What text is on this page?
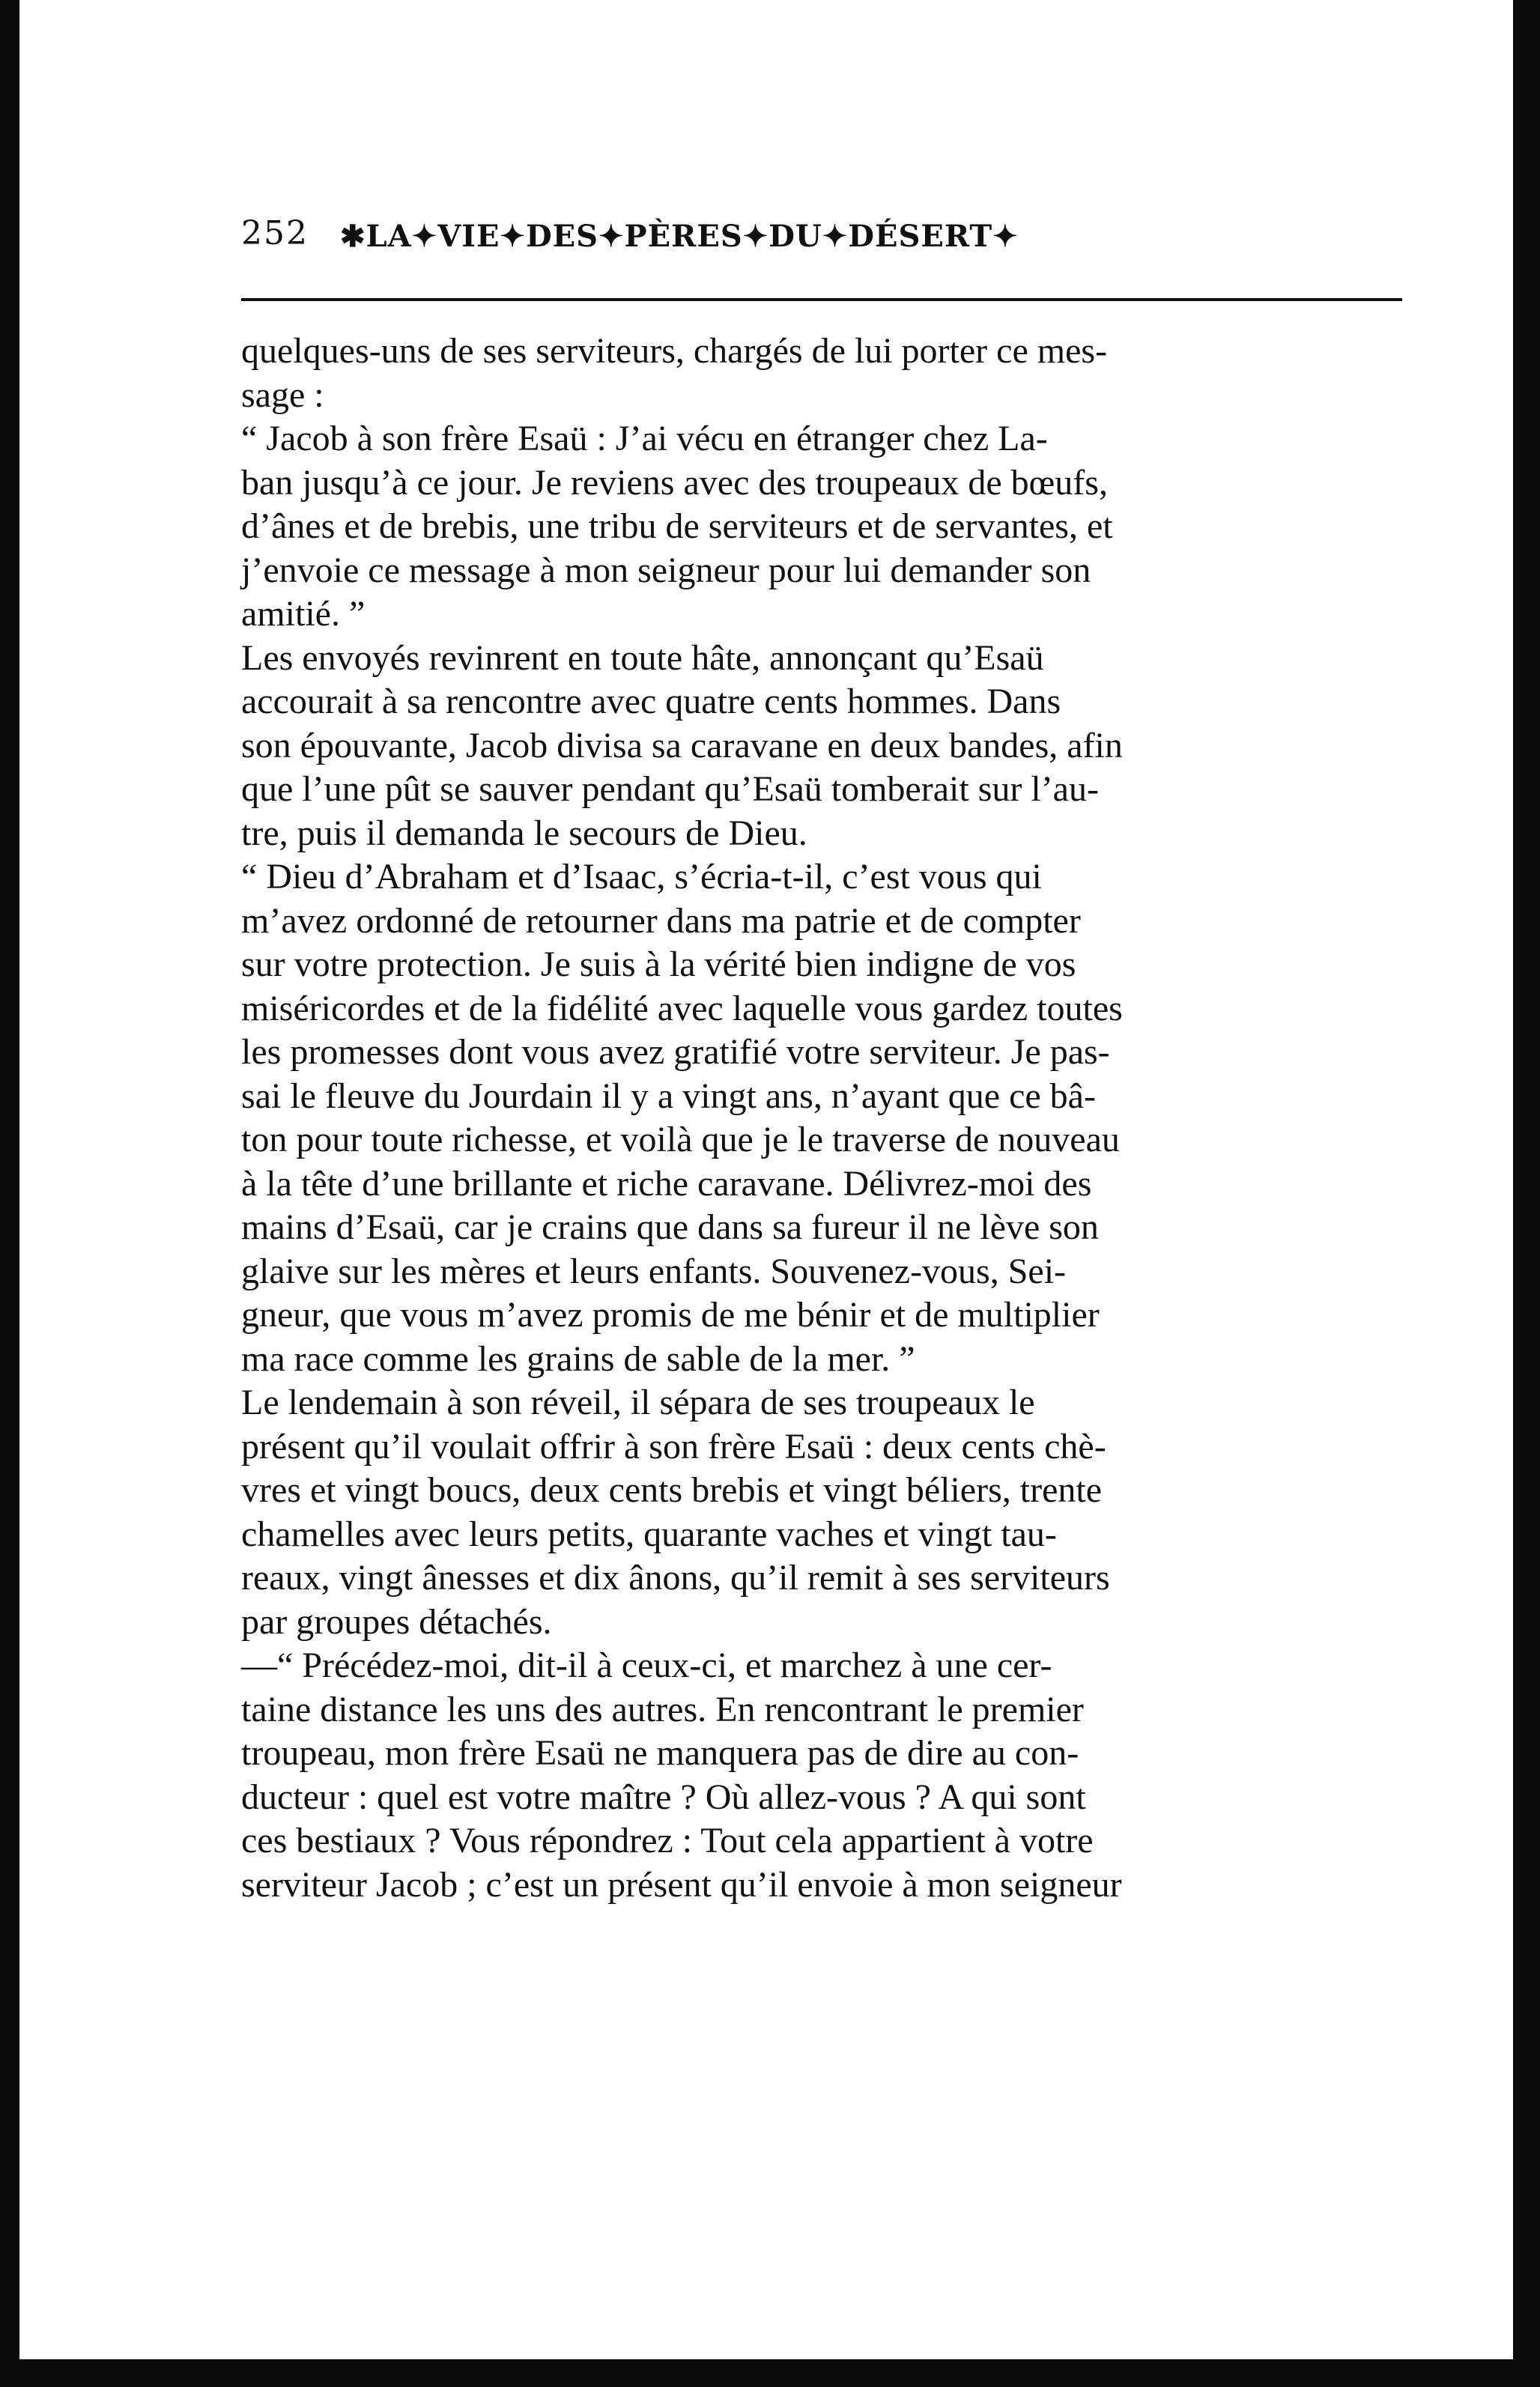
252 ✱LA✦VIE✦DES✦PÈRES✦DU✦DÉSERT✦
quelques-uns de ses serviteurs, chargés de lui porter ce mes-
sage :
“ Jacob à son frère Esaü : J’ai vécu en étranger chez La-
ban jusqu’à ce jour. Je reviens avec des troupeaux de bœufs,
d’ânes et de brebis, une tribu de serviteurs et de servantes, et
j’envoie ce message à mon seigneur pour lui demander son
amitié. ”
Les envoyés revinrent en toute hâte, annonçant qu’Esaü
accourait à sa rencontre avec quatre cents hommes. Dans
son épouvante, Jacob divisa sa caravane en deux bandes, afin
que l’une pût se sauver pendant qu’Esaü tomberait sur l’au-
tre, puis il demanda le secours de Dieu.
“ Dieu d’Abraham et d’Isaac, s’écria-t-il, c’est vous qui
m’avez ordonné de retourner dans ma patrie et de compter
sur votre protection. Je suis à la vérité bien indigne de vos
miséricordes et de la fidélité avec laquelle vous gardez toutes
les promesses dont vous avez gratifié votre serviteur. Je pas-
sai le fleuve du Jourdain il y a vingt ans, n’ayant que ce bâ-
ton pour toute richesse, et voilà que je le traverse de nouveau
à la tête d’une brillante et riche caravane. Délivrez-moi des
mains d’Esaü, car je crains que dans sa fureur il ne lève son
glaive sur les mères et leurs enfants. Souvenez-vous, Sei-
gneur, que vous m’avez promis de me bénir et de multiplier
ma race comme les grains de sable de la mer. ”
Le lendemain à son réveil, il sépara de ses troupeaux le
présent qu’il voulait offrir à son frère Esaü : deux cents chè-
vres et vingt boucs, deux cents brebis et vingt béliers, trente
chamelles avec leurs petits, quarante vaches et vingt tau-
reaux, vingt ânesses et dix ânons, qu’il remit à ses serviteurs
par groupes détachés.
—“ Précédez-moi, dit-il à ceux-ci, et marchez à une cer-
taine distance les uns des autres. En rencontrant le premier
troupeau, mon frère Esaü ne manquera pas de dire au con-
ducteur : quel est votre maître ? Où allez-vous ? A qui sont
ces bestiaux ? Vous répondrez : Tout cela appartient à votre
serviteur Jacob ; c’est un présent qu’il envoie à mon seigneur
